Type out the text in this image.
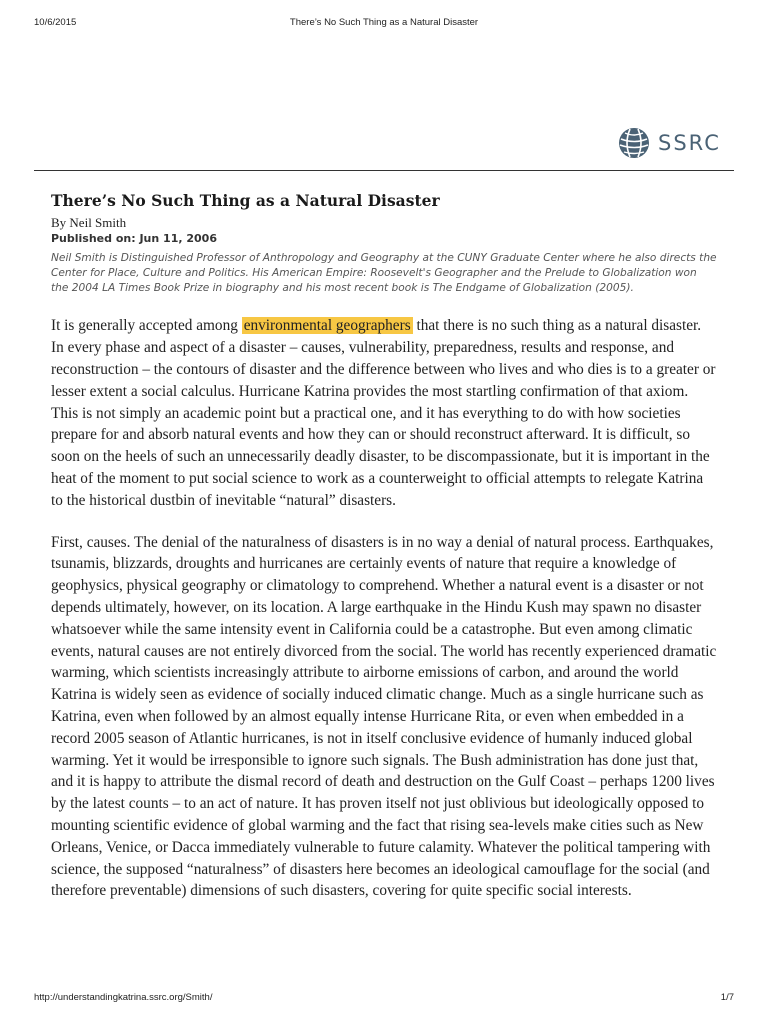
10/6/2015	There’s No Such Thing as a Natural Disaster
SSRC
There’s No Such Thing as a Natural Disaster
By Neil Smith
Published on: Jun 11, 2006
Neil Smith is Distinguished Professor of Anthropology and Geography at the CUNY Graduate Center where he also directs the Center for Place, Culture and Politics. His American Empire: Roosevelt's Geographer and the Prelude to Globalization won the 2004 LA Times Book Prize in biography and his most recent book is The Endgame of Globalization (2005).

It is generally accepted among environmental geographers that there is no such thing as a natural disaster. In every phase and aspect of a disaster – causes, vulnerability, preparedness, results and response, and reconstruction – the contours of disaster and the difference between who lives and who dies is to a greater or lesser extent a social calculus. Hurricane Katrina provides the most startling confirmation of that axiom. This is not simply an academic point but a practical one, and it has everything to do with how societies prepare for and absorb natural events and how they can or should reconstruct afterward. It is difficult, so soon on the heels of such an unnecessarily deadly disaster, to be discompassionate, but it is important in the heat of the moment to put social science to work as a counterweight to official attempts to relegate Katrina to the historical dustbin of inevitable “natural” disasters.

First, causes. The denial of the naturalness of disasters is in no way a denial of natural process. Earthquakes, tsunamis, blizzards, droughts and hurricanes are certainly events of nature that require a knowledge of geophysics, physical geography or climatology to comprehend. Whether a natural event is a disaster or not depends ultimately, however, on its location. A large earthquake in the Hindu Kush may spawn no disaster whatsoever while the same intensity event in California could be a catastrophe. But even among climatic events, natural causes are not entirely divorced from the social. The world has recently experienced dramatic warming, which scientists increasingly attribute to airborne emissions of carbon, and around the world Katrina is widely seen as evidence of socially induced climatic change. Much as a single hurricane such as Katrina, even when followed by an almost equally intense Hurricane Rita, or even when embedded in a record 2005 season of Atlantic hurricanes, is not in itself conclusive evidence of humanly induced global warming. Yet it would be irresponsible to ignore such signals. The Bush administration has done just that, and it is happy to attribute the dismal record of death and destruction on the Gulf Coast – perhaps 1200 lives by the latest counts – to an act of nature. It has proven itself not just oblivious but ideologically opposed to mounting scientific evidence of global warming and the fact that rising sea-levels make cities such as New Orleans, Venice, or Dacca immediately vulnerable to future calamity. Whatever the political tampering with science, the supposed “naturalness” of disasters here becomes an ideological camouflage for the social (and therefore preventable) dimensions of such disasters, covering for quite specific social interests.

http://understandingkatrina.ssrc.org/Smith/	1/7
